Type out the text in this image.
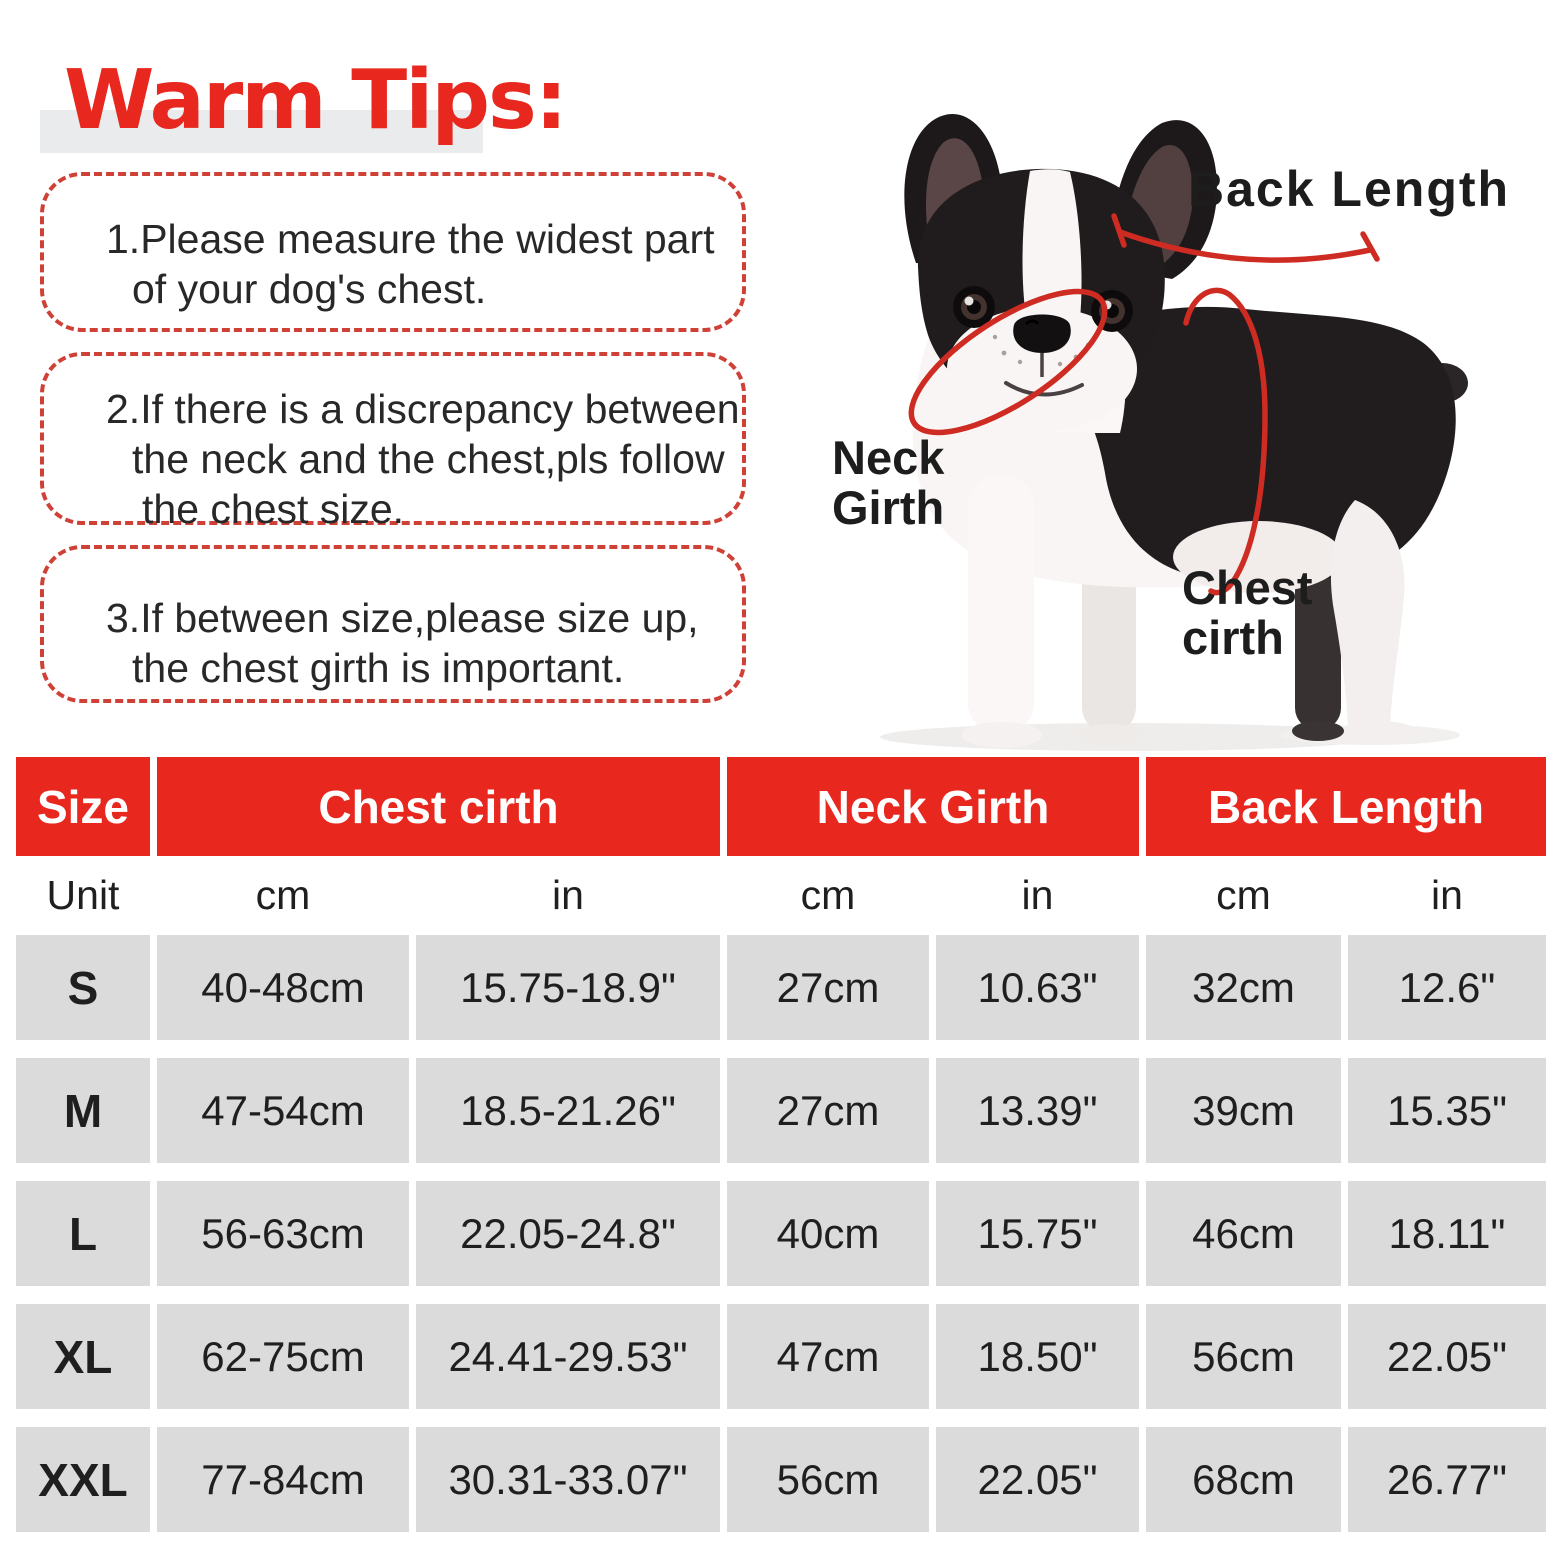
Warm Tips:
1.Please measure the widest part
of your dog's chest.
2.If there is a discrepancy between
the neck and the chest,pls follow
the chest size.
3.If between size,please size up,
the chest girth is important.
Back Length
Neck
Girth
Chest
cirth
Size	Chest cirth	Neck Girth	Back Length
Unit	cm	in	cm	in	cm	in
S	40-48cm	15.75-18.9"	27cm	10.63"	32cm	12.6"
M	47-54cm	18.5-21.26"	27cm	13.39"	39cm	15.35"
L	56-63cm	22.05-24.8"	40cm	15.75"	46cm	18.11"
XL	62-75cm	24.41-29.53"	47cm	18.50"	56cm	22.05"
XXL	77-84cm	30.31-33.07"	56cm	22.05"	68cm	26.77"
